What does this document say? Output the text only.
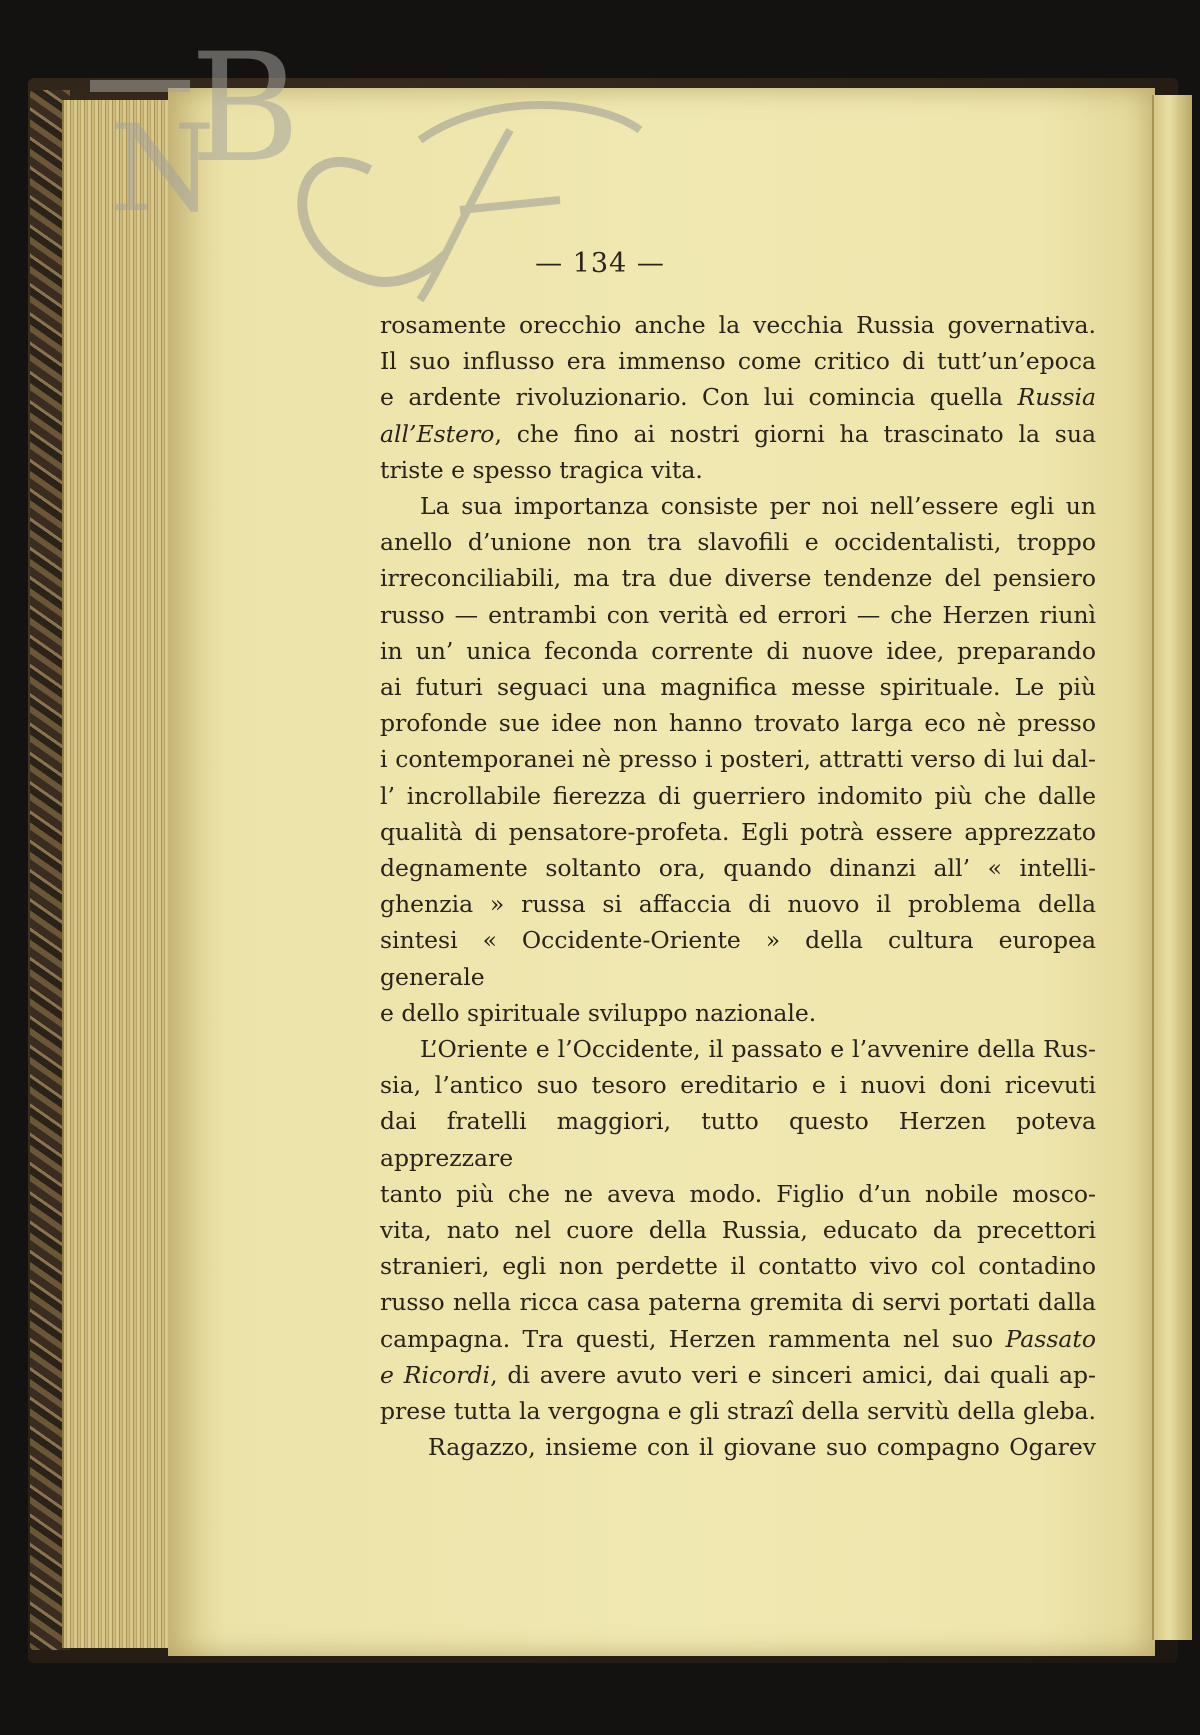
B
N
— 134 —

rosamente orecchio anche la vecchia Russia governativa.
Il suo influsso era immenso come critico di tutt’un’epoca
e ardente rivoluzionario. Con lui comincia quella Russia
all’Estero, che fino ai nostri giorni ha trascinato la sua
triste e spesso tragica vita.

La sua importanza consiste per noi nell’essere egli un
anello d’unione non tra slavofili e occidentalisti, troppo
irreconciliabili, ma tra due diverse tendenze del pensiero
russo — entrambi con verità ed errori — che Herzen riunì
in un’ unica feconda corrente di nuove idee, preparando
ai futuri seguaci una magnifica messe spirituale. Le più
profonde sue idee non hanno trovato larga eco nè presso
i contemporanei nè presso i posteri, attratti verso di lui dal-
l’ incrollabile fierezza di guerriero indomito più che dalle
qualità di pensatore-profeta. Egli potrà essere apprezzato
degnamente soltanto ora, quando dinanzi all’ « intelli-
ghenzia » russa si affaccia di nuovo il problema della
sintesi « Occidente-Oriente » della cultura europea generale
e dello spirituale sviluppo nazionale.

L’Oriente e l’Occidente, il passato e l’avvenire della Rus-
sia, l’antico suo tesoro ereditario e i nuovi doni ricevuti
dai fratelli maggiori, tutto questo Herzen poteva apprezzare
tanto più che ne aveva modo. Figlio d’un nobile mosco-
vita, nato nel cuore della Russia, educato da precettori
stranieri, egli non perdette il contatto vivo col contadino
russo nella ricca casa paterna gremita di servi portati dalla
campagna. Tra questi, Herzen rammenta nel suo Passato
e Ricordi, di avere avuto veri e sinceri amici, dai quali ap-
prese tutta la vergogna e gli strazî della servitù della gleba.

Ragazzo, insieme con il giovane suo compagno Ogarev
